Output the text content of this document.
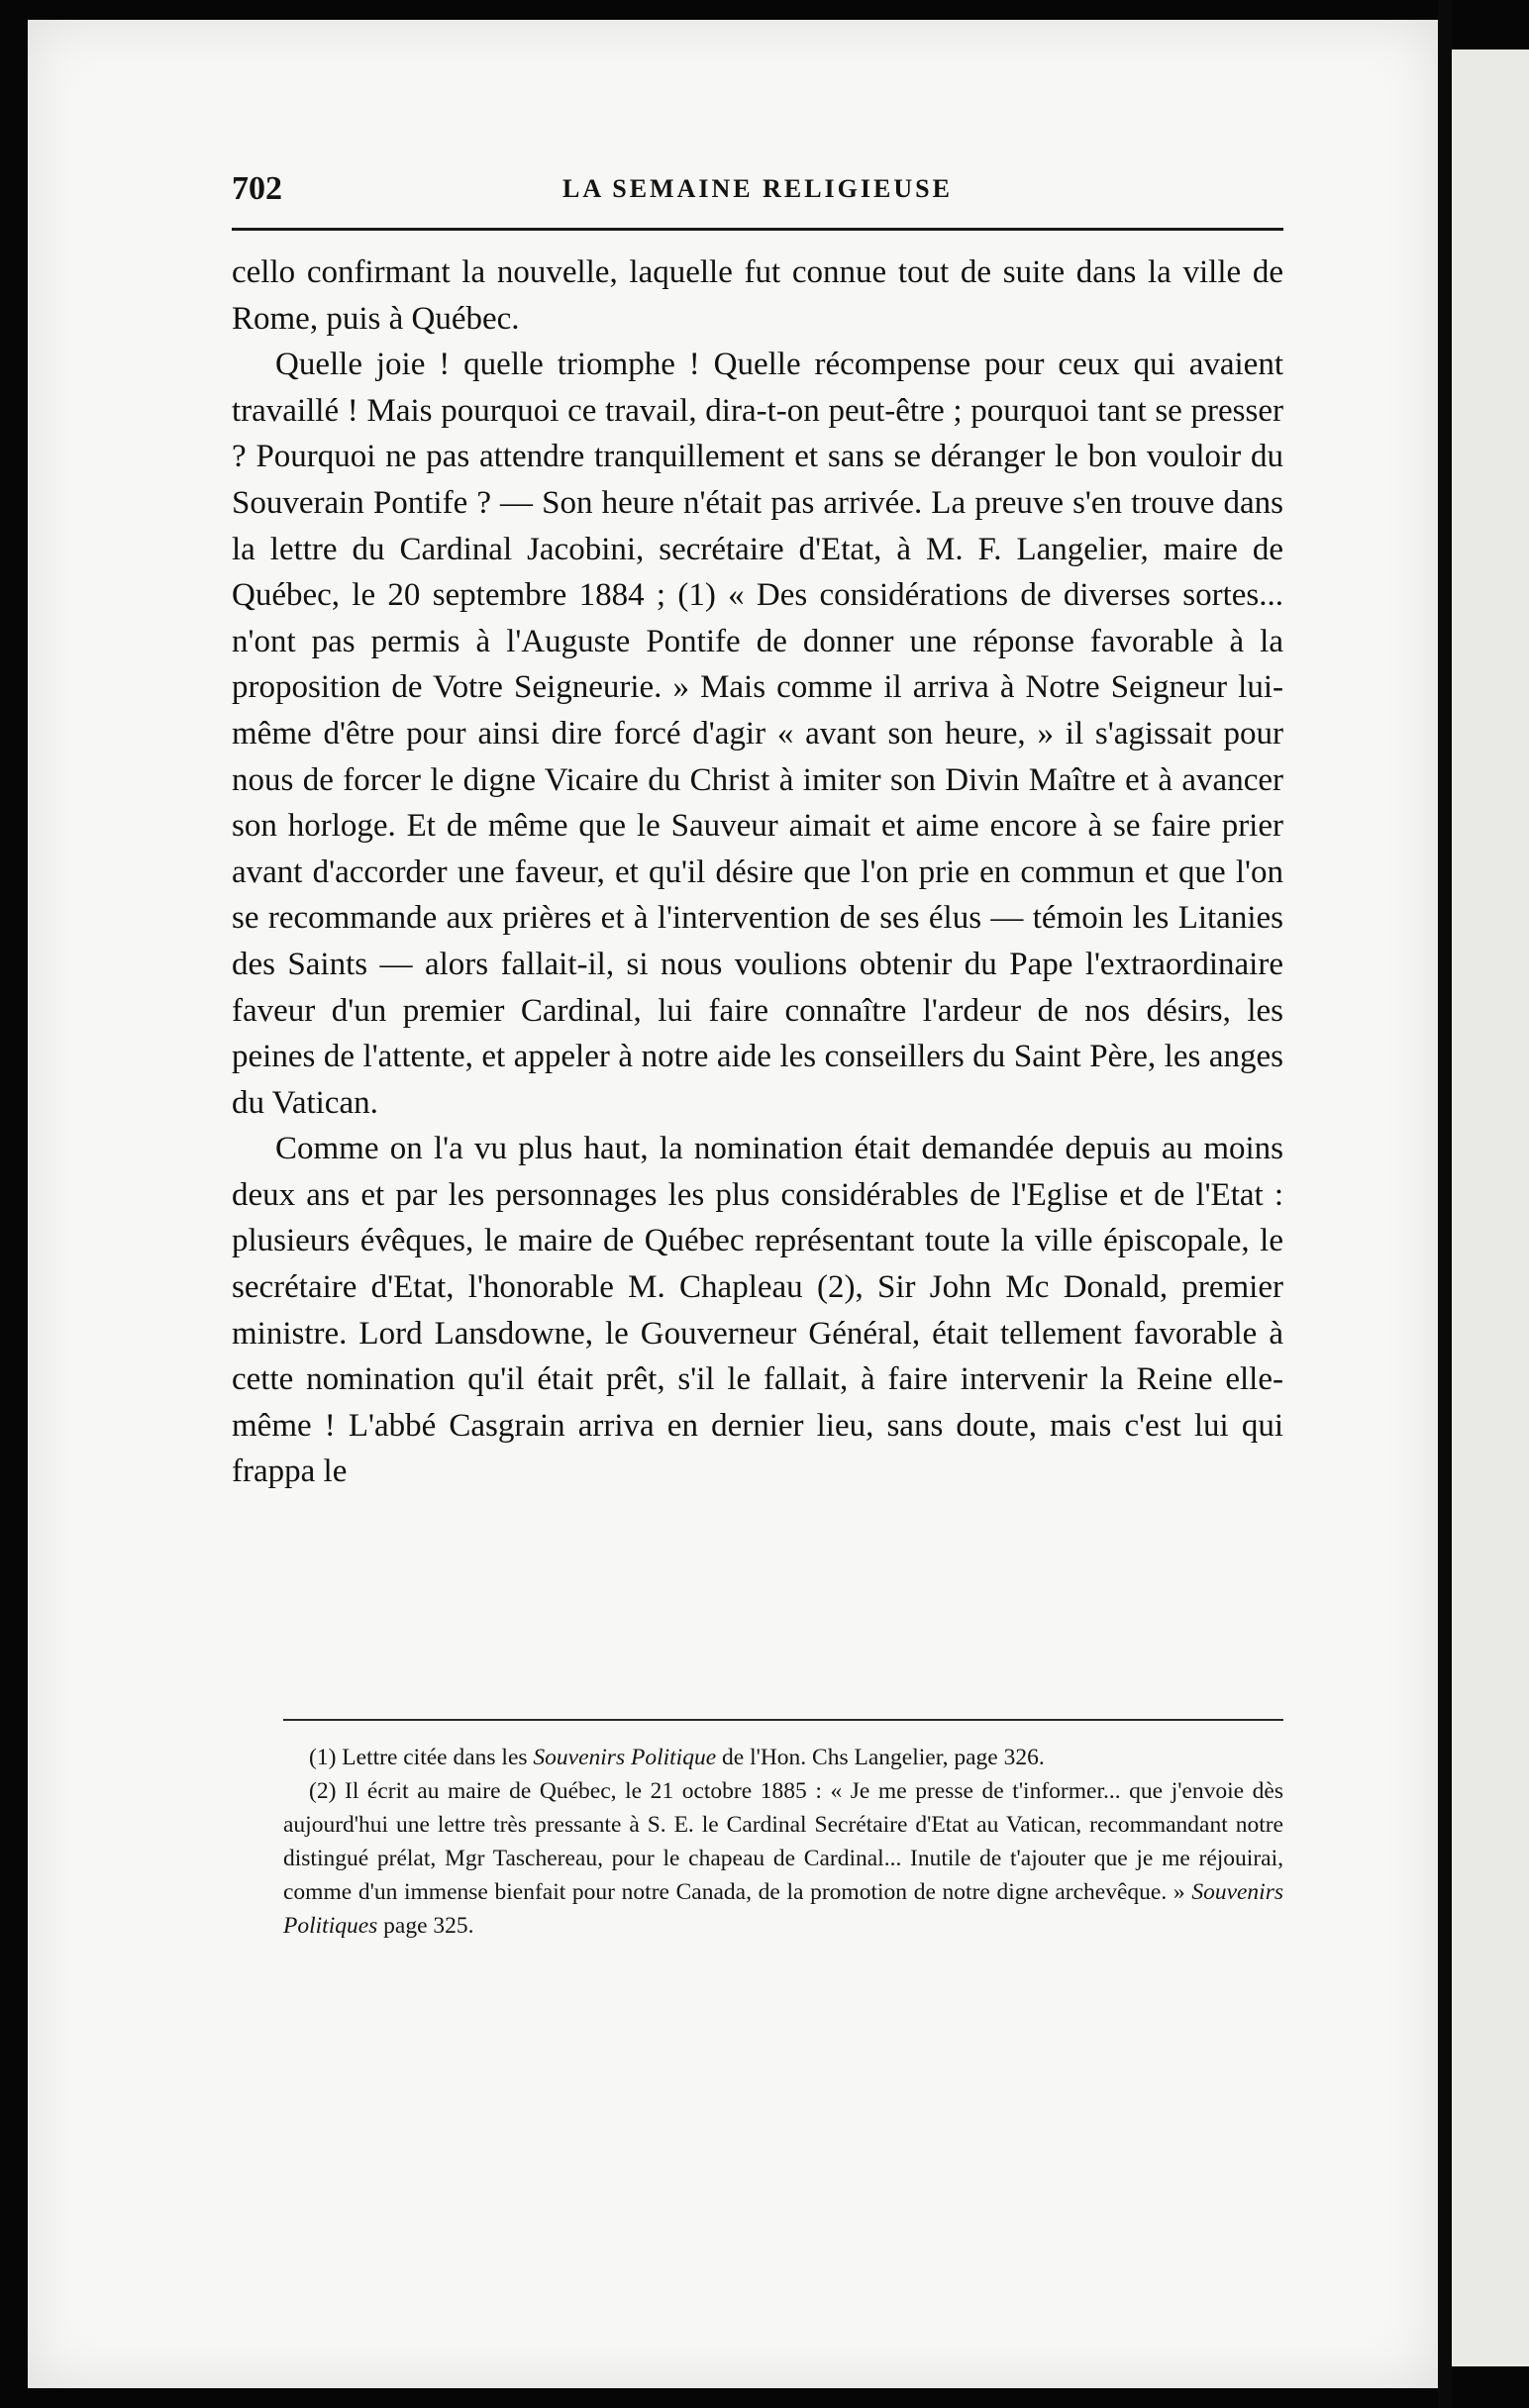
702	LA SEMAINE RELIGIEUSE

cello confirmant la nouvelle, laquelle fut connue tout de suite dans la ville de Rome, puis à Québec.

Quelle joie ! quelle triomphe ! Quelle récompense pour ceux qui avaient travaillé ! Mais pourquoi ce travail, dira-t-on peut-être ; pourquoi tant se presser ? Pourquoi ne pas attendre tranquillement et sans se déranger le bon vouloir du Souverain Pontife ? — Son heure n'était pas arrivée. La preuve s'en trouve dans la lettre du Cardinal Jacobini, secrétaire d'Etat, à M. F. Langelier, maire de Québec, le 20 septembre 1884 ; (1) « Des considérations de diverses sortes... n'ont pas permis à l'Auguste Pontife de donner une réponse favorable à la proposition de Votre Seigneurie. » Mais comme il arriva à Notre Seigneur lui-même d'être pour ainsi dire forcé d'agir « avant son heure, » il s'agissait pour nous de forcer le digne Vicaire du Christ à imiter son Divin Maître et à avancer son horloge. Et de même que le Sauveur aimait et aime encore à se faire prier avant d'accorder une faveur, et qu'il désire que l'on prie en commun et que l'on se recommande aux prières et à l'intervention de ses élus — témoin les Litanies des Saints — alors fallait-il, si nous voulions obtenir du Pape l'extraordinaire faveur d'un premier Cardinal, lui faire connaître l'ardeur de nos désirs, les peines de l'attente, et appeler à notre aide les conseillers du Saint Père, les anges du Vatican.

Comme on l'a vu plus haut, la nomination était demandée depuis au moins deux ans et par les personnages les plus considérables de l'Eglise et de l'Etat : plusieurs évêques, le maire de Québec représentant toute la ville épiscopale, le secrétaire d'Etat, l'honorable M. Chapleau (2), Sir John Mc Donald, premier ministre. Lord Lansdowne, le Gouverneur Général, était tellement favorable à cette nomination qu'il était prêt, s'il le fallait, à faire intervenir la Reine elle-même ! L'abbé Casgrain arriva en dernier lieu, sans doute, mais c'est lui qui frappa le

(1) Lettre citée dans les Souvenirs Politique de l'Hon. Chs Langelier, page 326.

(2) Il écrit au maire de Québec, le 21 octobre 1885 : « Je me presse de t'informer... que j'envoie dès aujourd'hui une lettre très pressante à S. E. le Cardinal Secrétaire d'Etat au Vatican, recommandant notre distingué prélat, Mgr Taschereau, pour le chapeau de Cardinal... Inutile de t'ajouter que je me réjouirai, comme d'un immense bienfait pour notre Canada, de la promotion de notre digne archevêque. » Souvenirs Politiques page 325.
